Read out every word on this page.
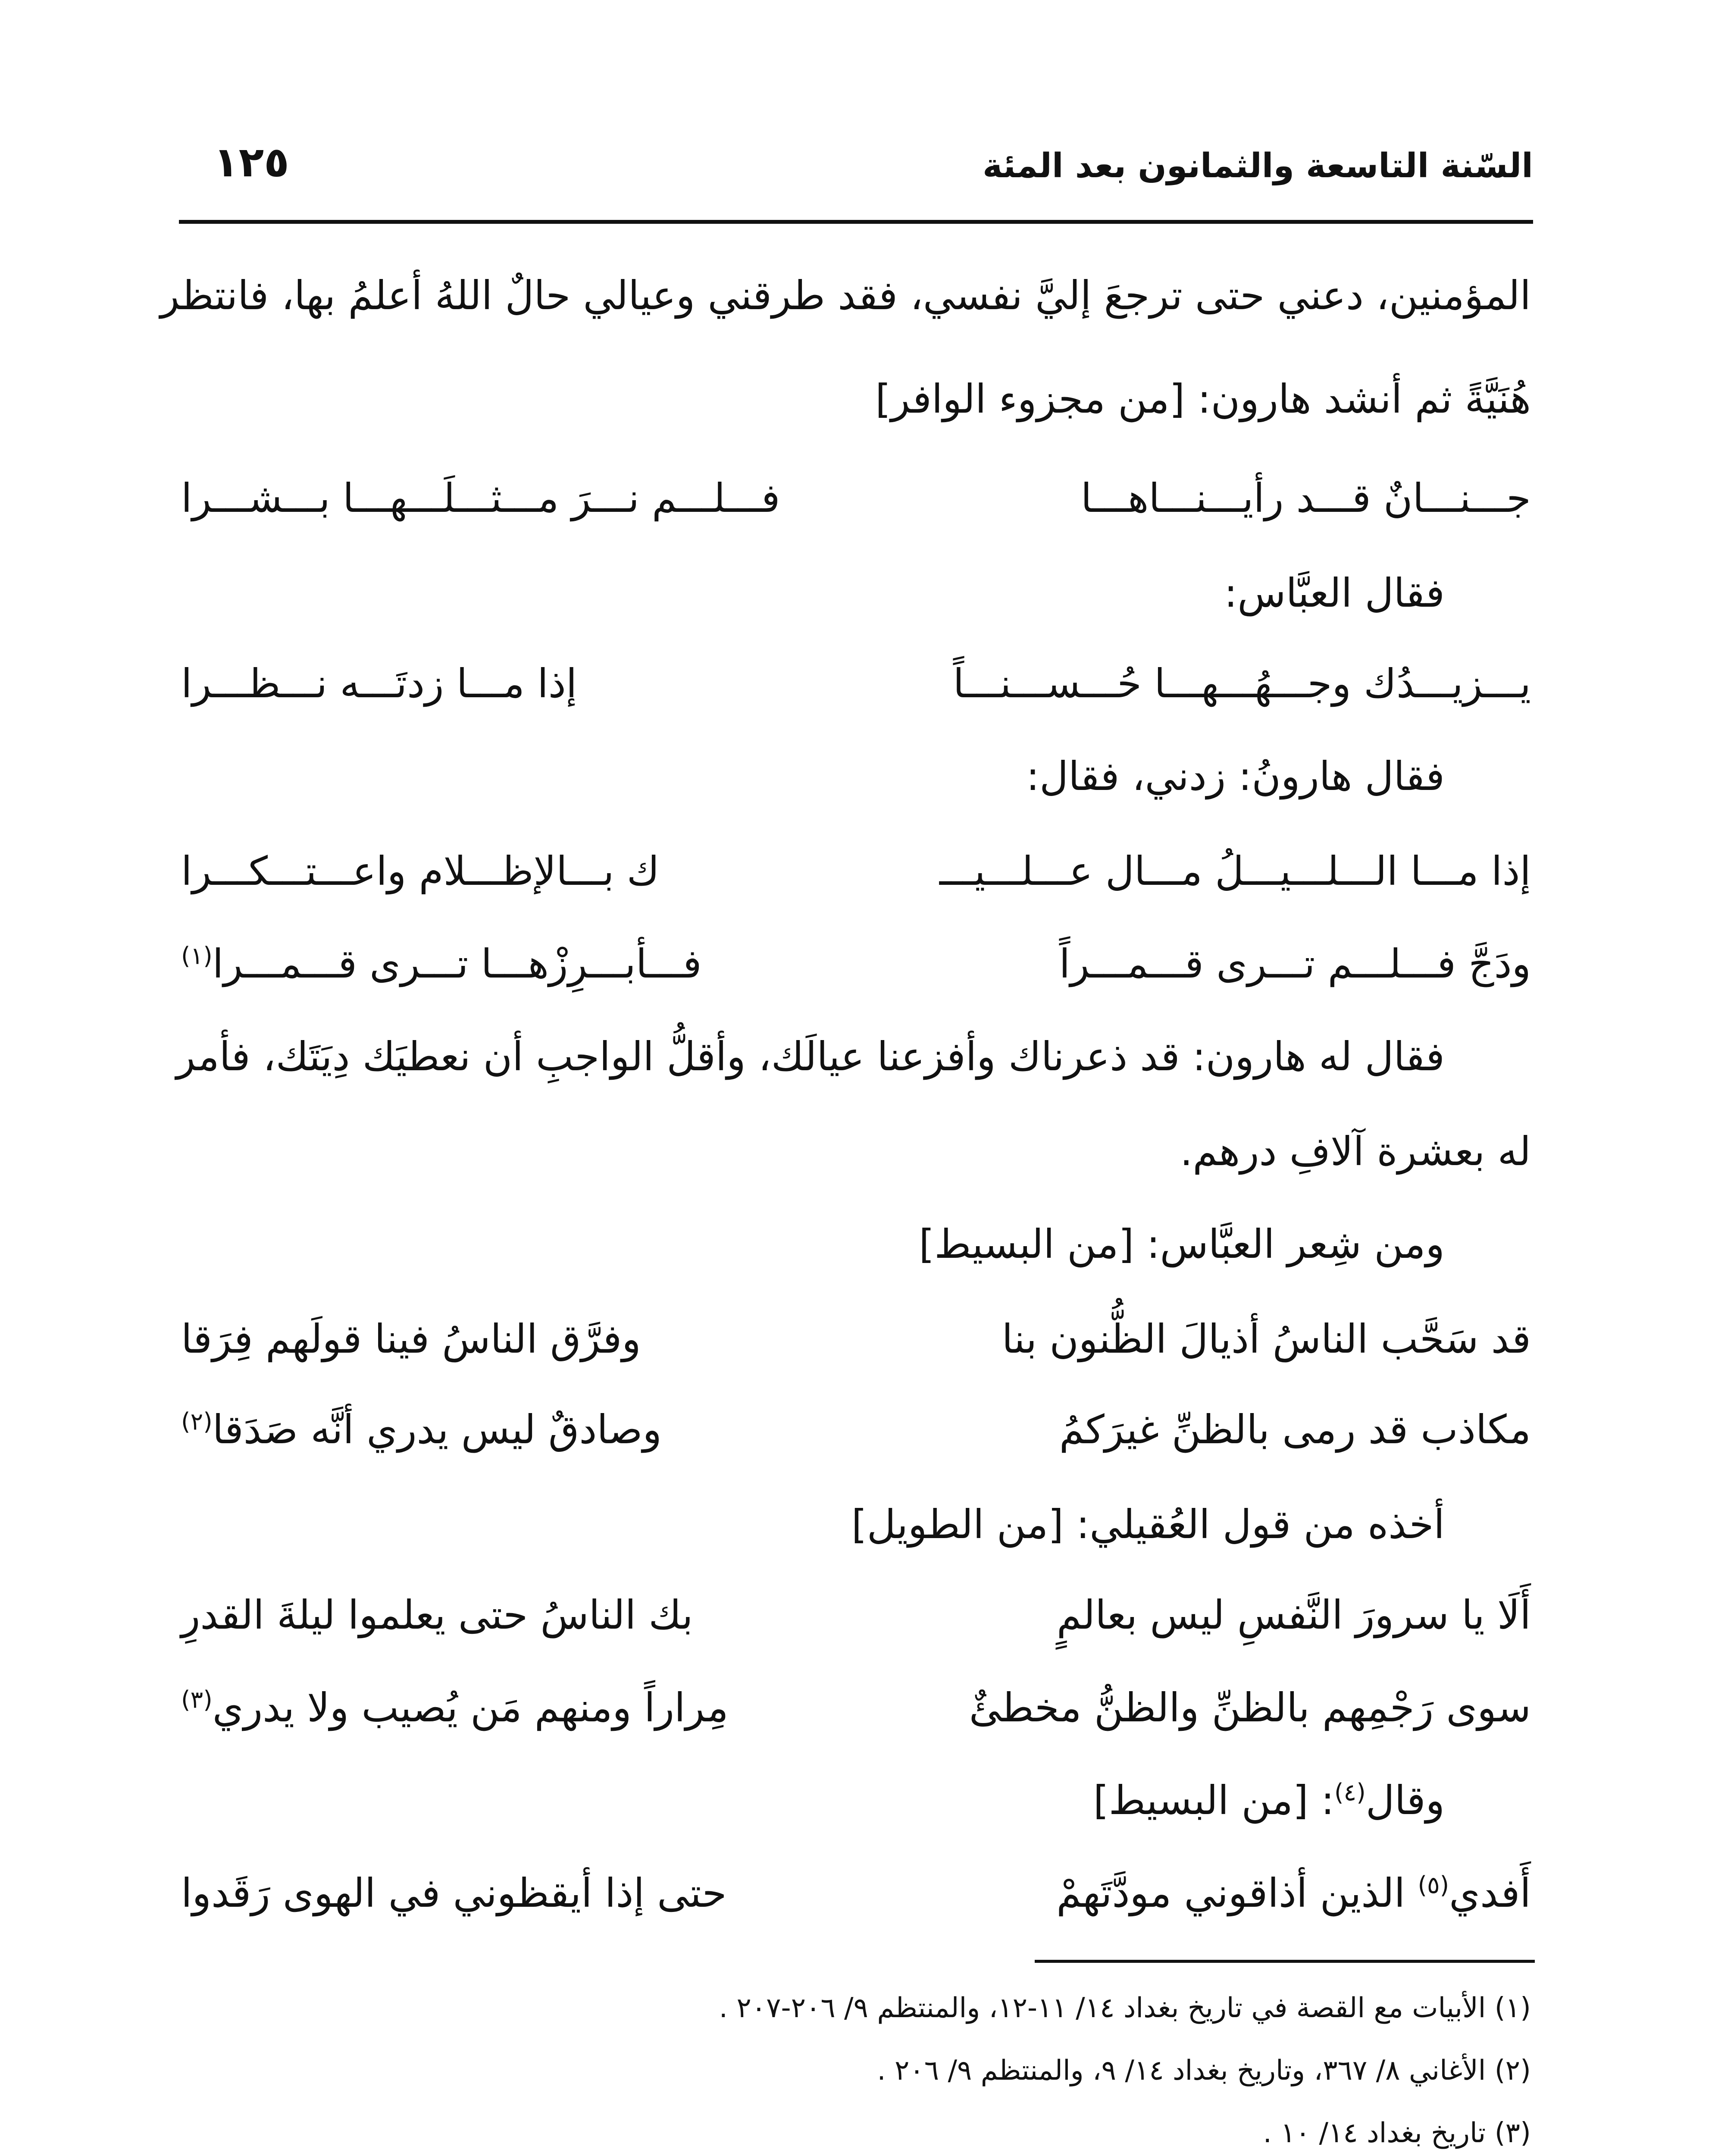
السّنة التاسعة والثمانون بعد المئة
١٢٥
المؤمنين، دعني حتى ترجعَ إليَّ نفسي، فقد طرقني وعيالي حالٌ اللهُ أعلمُ بها، فانتظر
هُنَيَّةً ثم أنشد هارون: [من مجزوء الوافر]
جـــنـــانٌ قـــد رأيـــنـــاهـــا
فـــلـــم نـــرَ مـــثـــلَـــهـــا بـــشـــرا
فقال العبَّاس:
يـــزيـــدُك وجـــهُـــهـــا حُـــســـنـــاً
إذا مـــا زدتَـــه نـــظـــرا
فقال هارونُ: زدني، فقال:
إذا مـــا الـــلـــيـــلُ مـــال عـــلـــيـــ
ك بـــالإظـــلام واعـــتـــكـــرا
ودَجَّ فـــلـــم تـــرى قـــمـــراً
فـــأبـــرِزْهـــا تـــرى قـــمـــرا$^{(١)}$
فقال له هارون: قد ذعرناك وأفزعنا عيالَك، وأقلُّ الواجبِ أن نعطيَك دِيَتَك، فأمر
له بعشرة آلافِ درهم.
ومن شِعر العبَّاس: [من البسيط]
قد سَحَّب الناسُ أذيالَ الظُّنون بنا
وفرَّق الناسُ فينا قولَهم فِرَقا
مكاذب قد رمى بالظنِّ غيرَكمُ
وصادقٌ ليس يدري أنَّه صَدَقا$^{(٢)}$
أخذه من قول العُقيلي: [من الطويل]
أَلَا يا سرورَ النَّفسِ ليس بعالمٍ
بك الناسُ حتى يعلموا ليلةَ القدرِ
سوى رَجْمِهم بالظنِّ والظنُّ مخطئٌ
مِراراً ومنهم مَن يُصيب ولا يدري$^{(٣)}$
وقال$^{(٤)}$: [من البسيط]
أَفدي$^{(٥)}$ الذين أذاقوني مودَّتَهمْ
حتى إذا أيقظوني في الهوى رَقَدوا
(١) الأبيات مع القصة في تاريخ بغداد ١٤/ ١١-١٢، والمنتظم ٩/ ٢٠٦-٢٠٧ .
(٢) الأغاني ٨/ ٣٦٧، وتاريخ بغداد ١٤/ ٩، والمنتظم ٩/ ٢٠٦ .
(٣) تاريخ بغداد ١٤/ ١٠ .
